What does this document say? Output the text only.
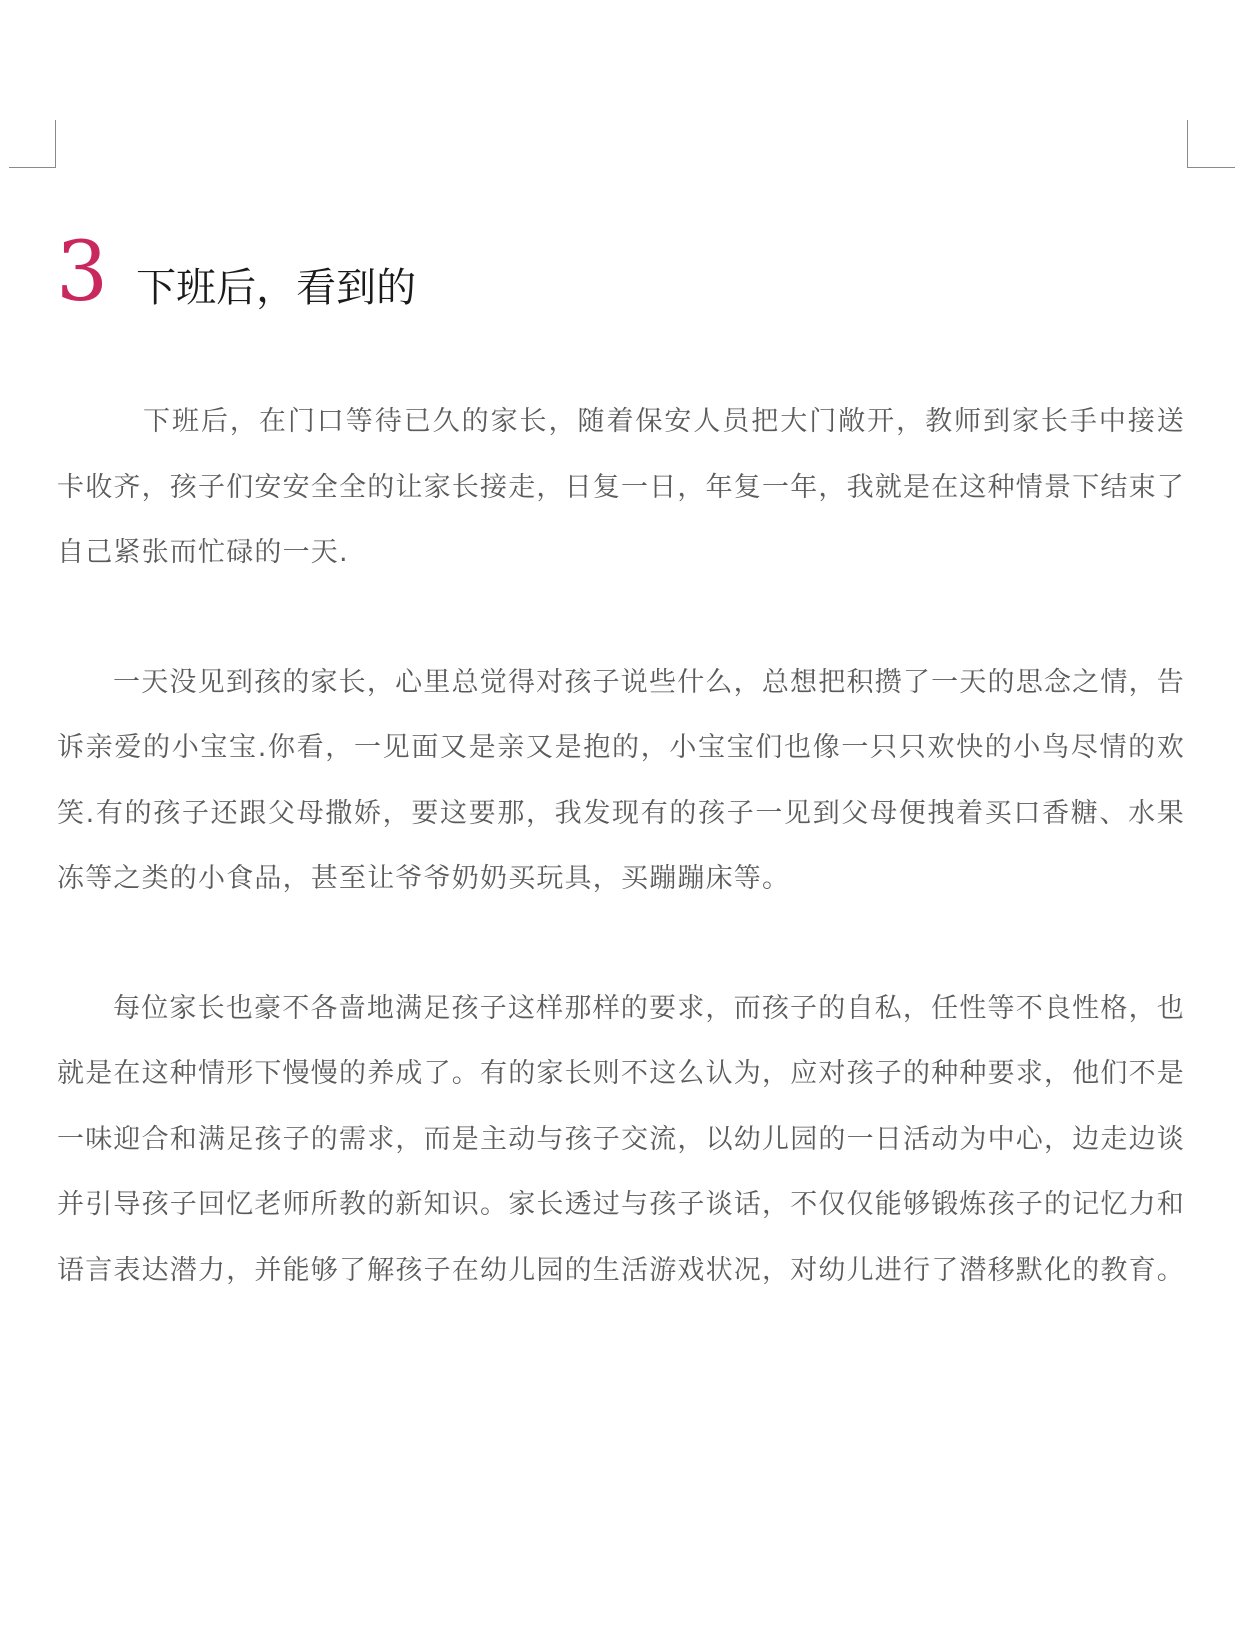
3 下班后，看到的

下班后，在门口等待已久的家长，随着保安人员把大门敞开，教师到家长手中接送卡收齐，孩子们安安全全的让家长接走，日复一日，年复一年，我就是在这种情景下结束了自己紧张而忙碌的一天.

一天没见到孩的家长，心里总觉得对孩子说些什么，总想把积攒了一天的思念之情，告诉亲爱的小宝宝.你看，一见面又是亲又是抱的，小宝宝们也像一只只欢快的小鸟尽情的欢笑.有的孩子还跟父母撒娇，要这要那，我发现有的孩子一见到父母便拽着买口香糖、水果冻等之类的小食品，甚至让爷爷奶奶买玩具，买蹦蹦床等。

每位家长也豪不各啬地满足孩子这样那样的要求，而孩子的自私，任性等不良性格，也就是在这种情形下慢慢的养成了。有的家长则不这么认为，应对孩子的种种要求，他们不是一味迎合和满足孩子的需求，而是主动与孩子交流，以幼儿园的一日活动为中心，边走边谈并引导孩子回忆老师所教的新知识。家长透过与孩子谈话，不仅仅能够锻炼孩子的记忆力和语言表达潜力，并能够了解孩子在幼儿园的生活游戏状况，对幼儿进行了潜移默化的教育。
